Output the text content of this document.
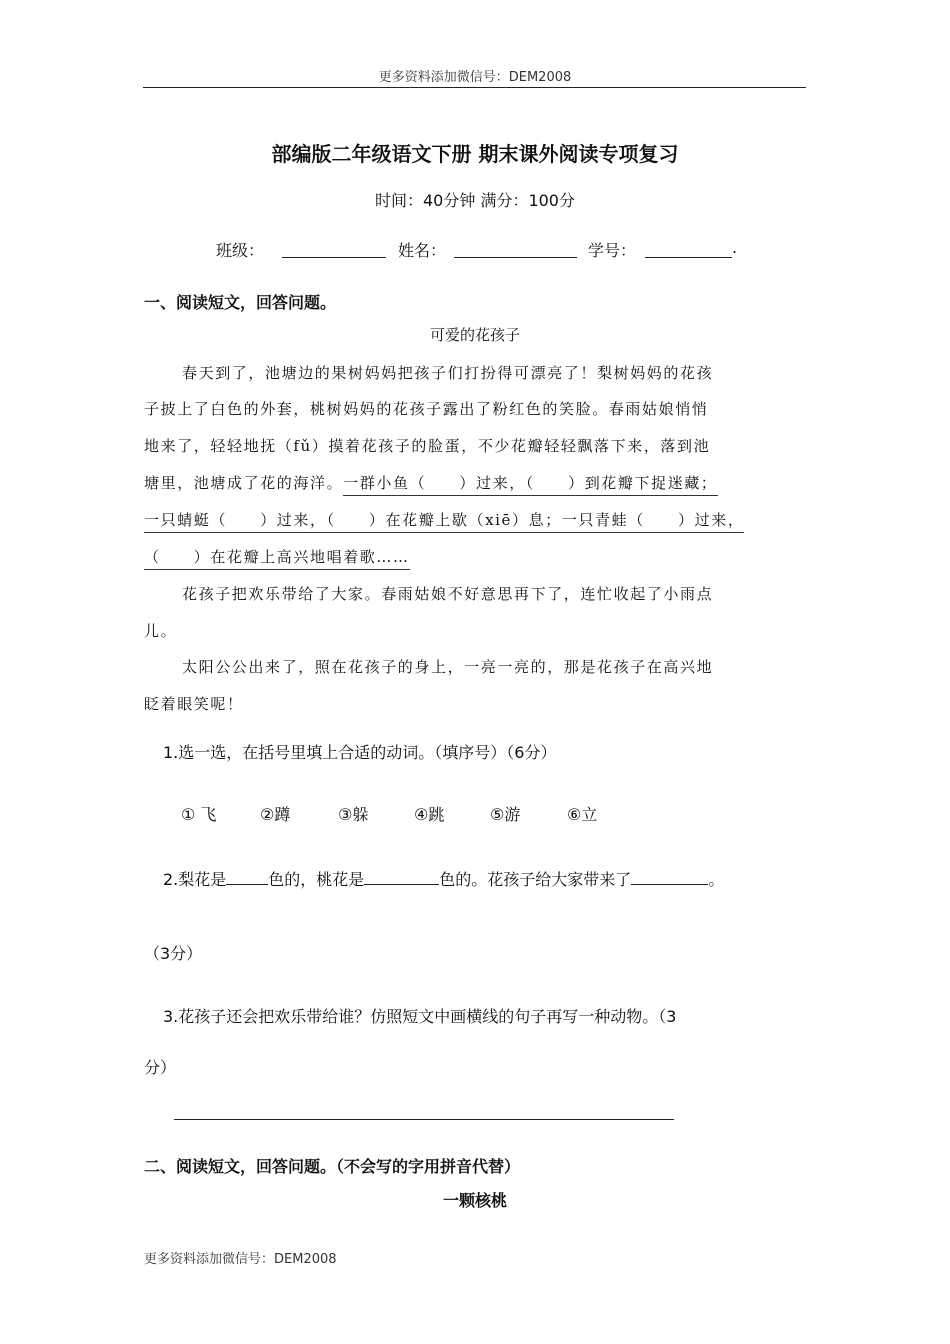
更多资料添加微信号：DEM2008
部编版二年级语文下册 期末课外阅读专项复习
时间：40分钟 满分：100分
班级：	姓名：	学号：	.
一、阅读短文，回答问题。
可爱的花孩子
春天到了，池塘边的果树妈妈把孩子们打扮得可漂亮了！梨树妈妈的花孩
子披上了白色的外套，桃树妈妈的花孩子露出了粉红色的笑脸。春雨姑娘悄悄
地来了，轻轻地抚（fǔ）摸着花孩子的脸蛋，不少花瓣轻轻飘落下来，落到池
塘里，池塘成了花的海洋。一群小鱼（　　）过来，（　　）到花瓣下捉迷藏；
一只蜻蜓（　　）过来，（　　）在花瓣上歇（xiē）息；一只青蛙（　　）过来，
（　　）在花瓣上高兴地唱着歌……
花孩子把欢乐带给了大家。春雨姑娘不好意思再下了，连忙收起了小雨点
儿。
太阳公公出来了，照在花孩子的身上，一亮一亮的，那是花孩子在高兴地
眨着眼笑呢！
1.选一选，在括号里填上合适的动词。（填序号）（6分）
① 飞	②蹲	③躲	④跳	⑤游	⑥立
2.梨花是	色的，桃花是	色的。花孩子给大家带来了	。
（3分）
3.花孩子还会把欢乐带给谁？仿照短文中画横线的句子再写一种动物。（3
分）
二、阅读短文，回答问题。（不会写的字用拼音代替）
一颗核桃
更多资料添加微信号：DEM2008
